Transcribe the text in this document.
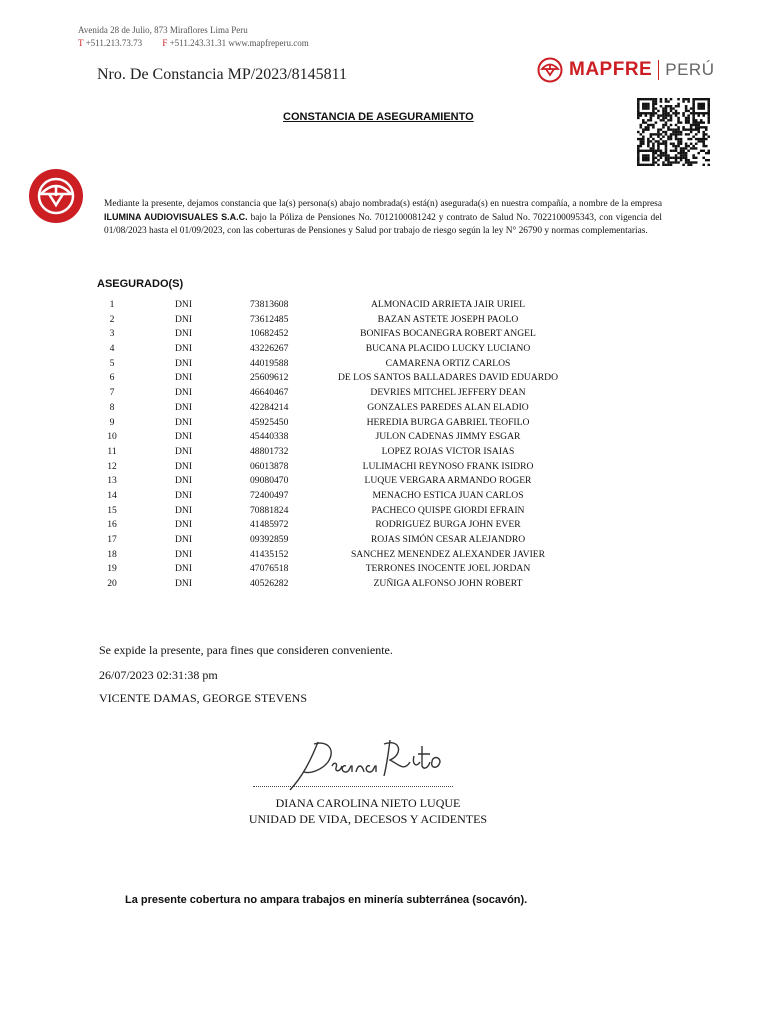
Avenida 28 de Julio, 873 Miraflores Lima Peru
T +511.213.73.73 F +511.243.31.31 www.mapfreperu.com
Nro. De Constancia MP/2023/8145811	MAPFRE PERÚ
CONSTANCIA DE ASEGURAMIENTO
Mediante la presente, dejamos constancia que la(s) persona(s) abajo nombrada(s) está(n) asegurada(s) en nuestra compañía, a nombre de la empresa ILUMINA AUDIOVISUALES S.A.C. bajo la Póliza de Pensiones No. 7012100081242 y contrato de Salud No. 7022100095343, con vigencia del 01/08/2023 hasta el 01/09/2023, con las coberturas de Pensiones y Salud por trabajo de riesgo según la ley N° 26790 y normas complementarias.
ASEGURADO(S)
1	DNI	73813608	ALMONACID ARRIETA JAIR URIEL
2	DNI	73612485	BAZAN ASTETE JOSEPH PAOLO
3	DNI	10682452	BONIFAS BOCANEGRA ROBERT ANGEL
4	DNI	43226267	BUCANA PLACIDO LUCKY LUCIANO
5	DNI	44019588	CAMARENA ORTIZ CARLOS
6	DNI	25609612	DE LOS SANTOS BALLADARES DAVID EDUARDO
7	DNI	46640467	DEVRIES MITCHEL JEFFERY DEAN
8	DNI	42284214	GONZALES PAREDES ALAN ELADIO
9	DNI	45925450	HEREDIA BURGA GABRIEL TEOFILO
10	DNI	45440338	JULON CADENAS JIMMY ESGAR
11	DNI	48801732	LOPEZ ROJAS VICTOR ISAIAS
12	DNI	06013878	LULIMACHI REYNOSO FRANK ISIDRO
13	DNI	09080470	LUQUE VERGARA ARMANDO ROGER
14	DNI	72400497	MENACHO ESTICA JUAN CARLOS
15	DNI	70881824	PACHECO QUISPE GIORDI EFRAIN
16	DNI	41485972	RODRIGUEZ BURGA JOHN EVER
17	DNI	09392859	ROJAS SIMÓN CESAR ALEJANDRO
18	DNI	41435152	SANCHEZ MENENDEZ ALEXANDER JAVIER
19	DNI	47076518	TERRONES INOCENTE JOEL JORDAN
20	DNI	40526282	ZUÑIGA ALFONSO JOHN ROBERT
Se expide la presente, para fines que consideren conveniente.
26/07/2023 02:31:38 pm
VICENTE DAMAS, GEORGE STEVENS
DIANA CAROLINA NIETO LUQUE
UNIDAD DE VIDA, DECESOS Y ACIDENTES
La presente cobertura no ampara trabajos en minería subterránea (socavón).
